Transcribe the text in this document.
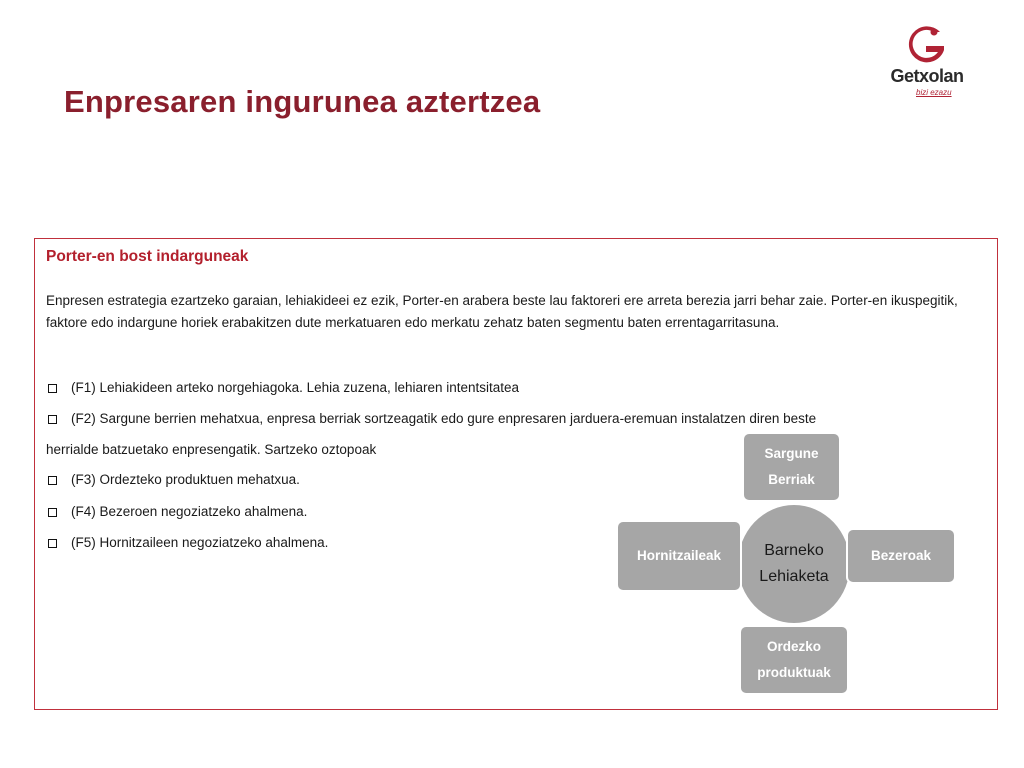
Enpresaren ingurunea aztertzea
Getxolan
bizi ezazu
Porter-en bost indarguneak
Enpresen estrategia ezartzeko garaian, lehiakideei ez ezik, Porter-en arabera beste lau faktoreri ere arreta berezia jarri behar zaie. Porter-en ikuspegitik, faktore edo indargune horiek erabakitzen dute merkatuaren edo merkatu zehatz baten segmentu baten errentagarritasuna.
(F1) Lehiakideen arteko norgehiagoka. Lehia zuzena, lehiaren intentsitatea
(F2) Sargune berrien mehatxua, enpresa berriak sortzeagatik edo gure enpresaren jarduera-eremuan instalatzen diren beste
herrialde batzuetako enpresengatik. Sartzeko oztopoak
(F3) Ordezteko produktuen mehatxua.
(F4) Bezeroen negoziatzeko ahalmena.
(F5) Hornitzaileen negoziatzeko ahalmena.	Barneko
Lehiaketa
Sargune
Berriak
Hornitzaileak	Bezeroak
Ordezko
produktuak
